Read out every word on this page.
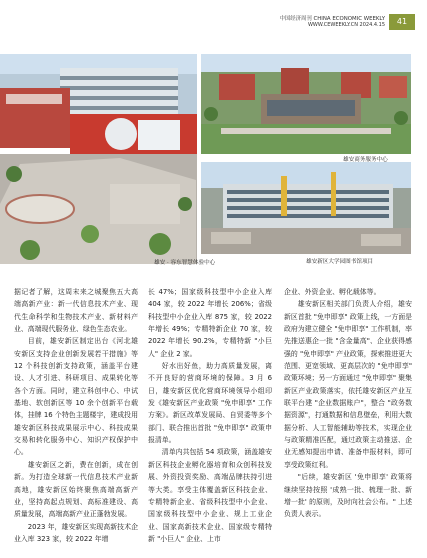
中国经济周刊 CHINA ECONOMIC WEEKLY
WWW.CEWEEKLY.CN 2024.4.15	41
雄安 · 容东智慧体验中心
雄安商务服务中心
雄安新区大学园图书馆项目

据记者了解，这周末来之城聚焦五大高端高新产业：新一代信息技术产业、现代生命科学和生物技术产业、新材料产业、高端现代服务业、绿色生态农业。

目前，雄安新区制定出台《河北雄安新区支持企业创新发展若干措施》等 12 个科技创新支持政策，涵盖平台建设、人才引进、科研项目、成果转化等各个方面。同时，建立科创中心、中试基地、软创新区等 10 余个创新平台载体，挂牌 16 个特色主题楼宇，建成投用雄安新区科技成果展示中心、科技成果交易和转化服务中心、知识产权保护中心。

雄安新区之新，费在创新，成在创新。为打造全球新一代信息技术产业新高地，雄安新区始终聚焦高端高新产业，坚持高起点规划、高标准建设、高质量发展，高端高新产业正蓬勃发展。

2023 年，雄安新区实现高新技术企业入库 323 家，较 2022 年增

长 47%；国家级科技型中小企业入库 404 家，较 2022 年增长 206%；省级科技型中小企业入库 875 家，较 2022 年增长 49%；专精特新企业 70 家，较 2022 年增长 90.2%，专精特新 "小巨人" 企业 2 家。

好水出好鱼，助力高质量发展，离不开良好的营商环境的保障。3 月 6 日，雄安新区优化营商环境领导小组印发《雄安新区产业政策 "免申即享" 工作方案》。新区改革发展局、自贸委等多个部门、联合推出首批 "免申即享" 政策申报清单。

清单内共包括 54 项政策，涵盖雄安新区科技企业孵化器培育和众创科技发展、外资投资奖励、高端品牌扶持引进等大类。享受主体覆盖新区科技企业、专精特新企业、省级科技型中小企业、国家级科技型中小企业、规上工业企业、国家高新技术企业、国家级专精特新 "小巨人" 企业、上市

企业、外资企业、孵化载体等。

雄安新区相关部门负责人介绍，雄安新区首批 "免申即享" 政策上线，一方面是政府为建立健全 "免申即享" 工作机制，率先推送惠企一批 "含金量高"、企业获得感强的 "免申即享" 产业政策，探索推进更大范围、更宽领域、更高层次的 "免申即享" 政策环境；另一方面通过 "免申即享" 聚集新区产业政策落实，依托雄安新区产业互联平台建 "企业数据账户"，整合 "政务数据资源"，打通数据和信息壁垒，利用大数据分析、人工智能辅助等技术，实现企业与政策精准匹配，通过政策主动推送、企业无感知提出申请、准备申报材料，即可享受政策红利。

"后续，雄安新区 '免申即享' 政策将继续坚持按照 '成熟一批、梳理一批、新增一批' 的原则，及时向社会公布。" 上述负责人表示。
